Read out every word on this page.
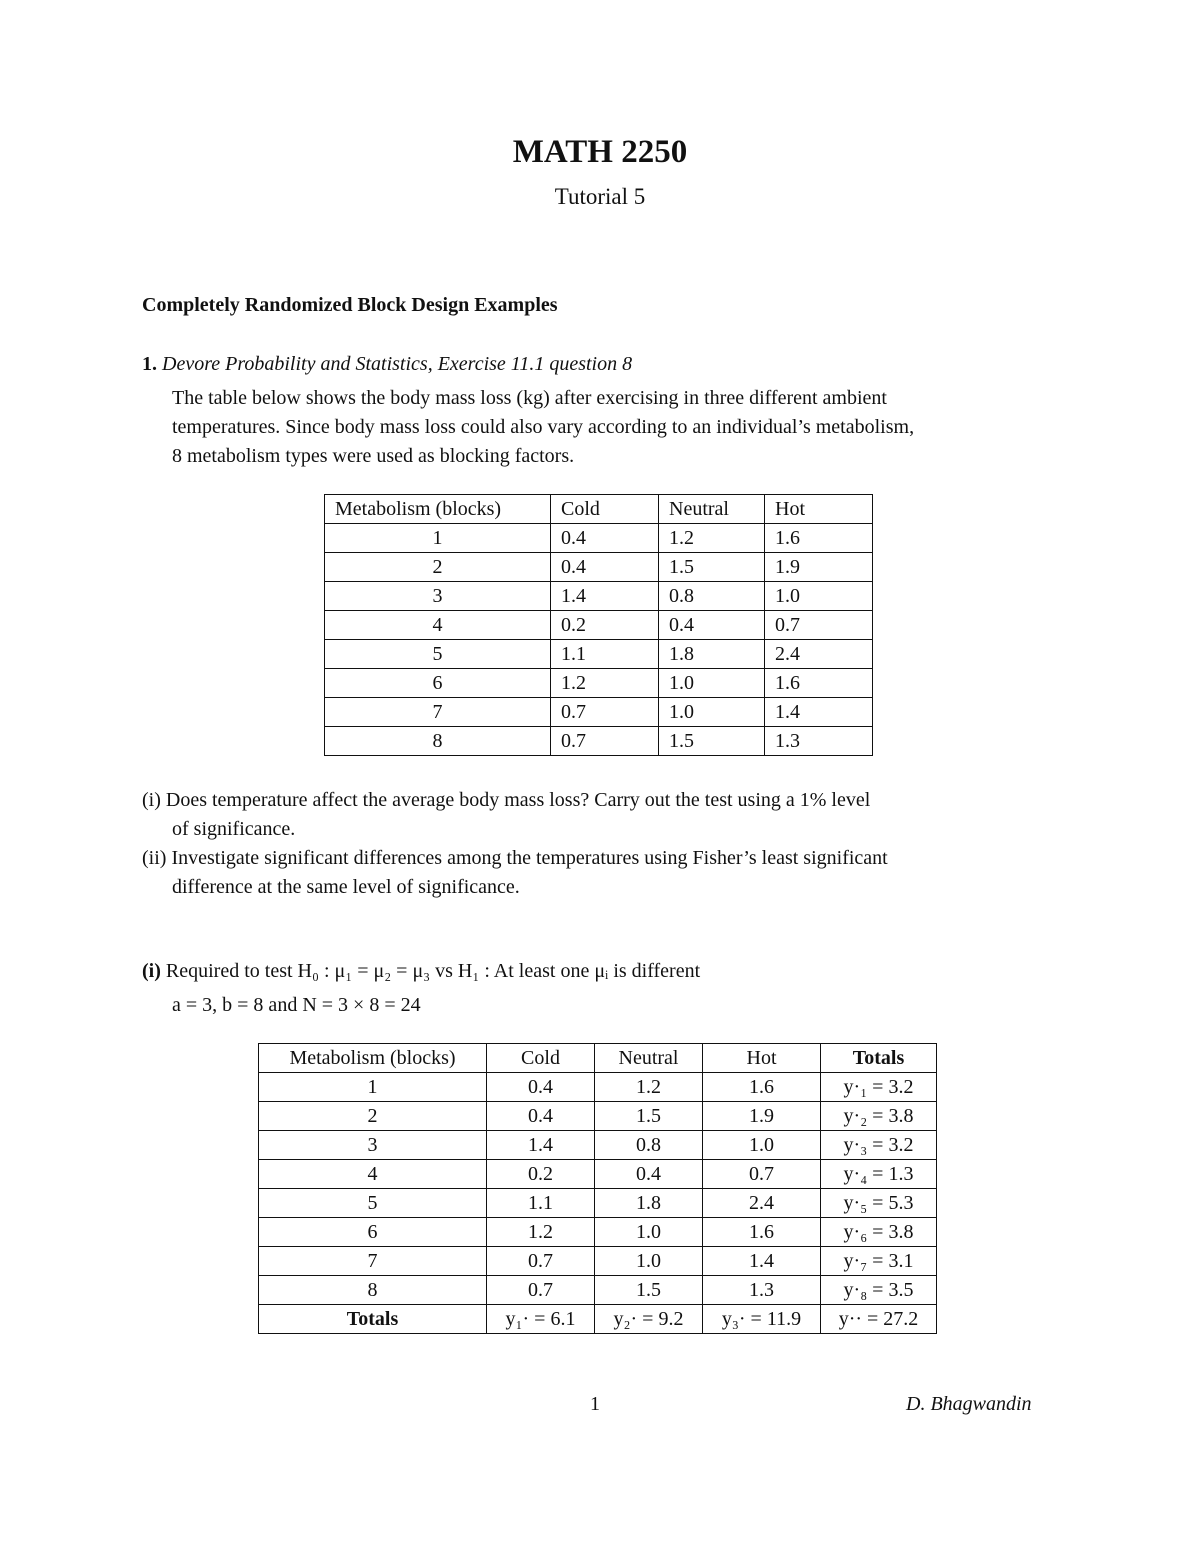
MATH 2250
Tutorial 5
Completely Randomized Block Design Examples
1. Devore Probability and Statistics, Exercise 11.1 question 8
The table below shows the body mass loss (kg) after exercising in three different ambient
temperatures. Since body mass loss could also vary according to an individual’s metabolism,
8 metabolism types were used as blocking factors.
Metabolism (blocks)	Cold	Neutral	Hot
1	0.4	1.2	1.6
2	0.4	1.5	1.9
3	1.4	0.8	1.0
4	0.2	0.4	0.7
5	1.1	1.8	2.4
6	1.2	1.0	1.6
7	0.7	1.0	1.4
8	0.7	1.5	1.3
(i) Does temperature affect the average body mass loss? Carry out the test using a 1% level
of significance.
(ii) Investigate significant differences among the temperatures using Fisher’s least significant
difference at the same level of significance.
(i) Required to test H₀ : μ₁ = μ₂ = μ₃ vs H₁ : At least one μᵢ is different
a = 3, b = 8 and N = 3 × 8 = 24
Metabolism (blocks)	Cold	Neutral	Hot	Totals
1	0.4	1.2	1.6	y·₁ = 3.2
2	0.4	1.5	1.9	y·₂ = 3.8
3	1.4	0.8	1.0	y·₃ = 3.2
4	0.2	0.4	0.7	y·₄ = 1.3
5	1.1	1.8	2.4	y·₅ = 5.3
6	1.2	1.0	1.6	y·₆ = 3.8
7	0.7	1.0	1.4	y·₇ = 3.1
8	0.7	1.5	1.3	y·₈ = 3.5
Totals	y₁· = 6.1	y₂· = 9.2	y₃· = 11.9	y·· = 27.2
1	D. Bhagwandin
